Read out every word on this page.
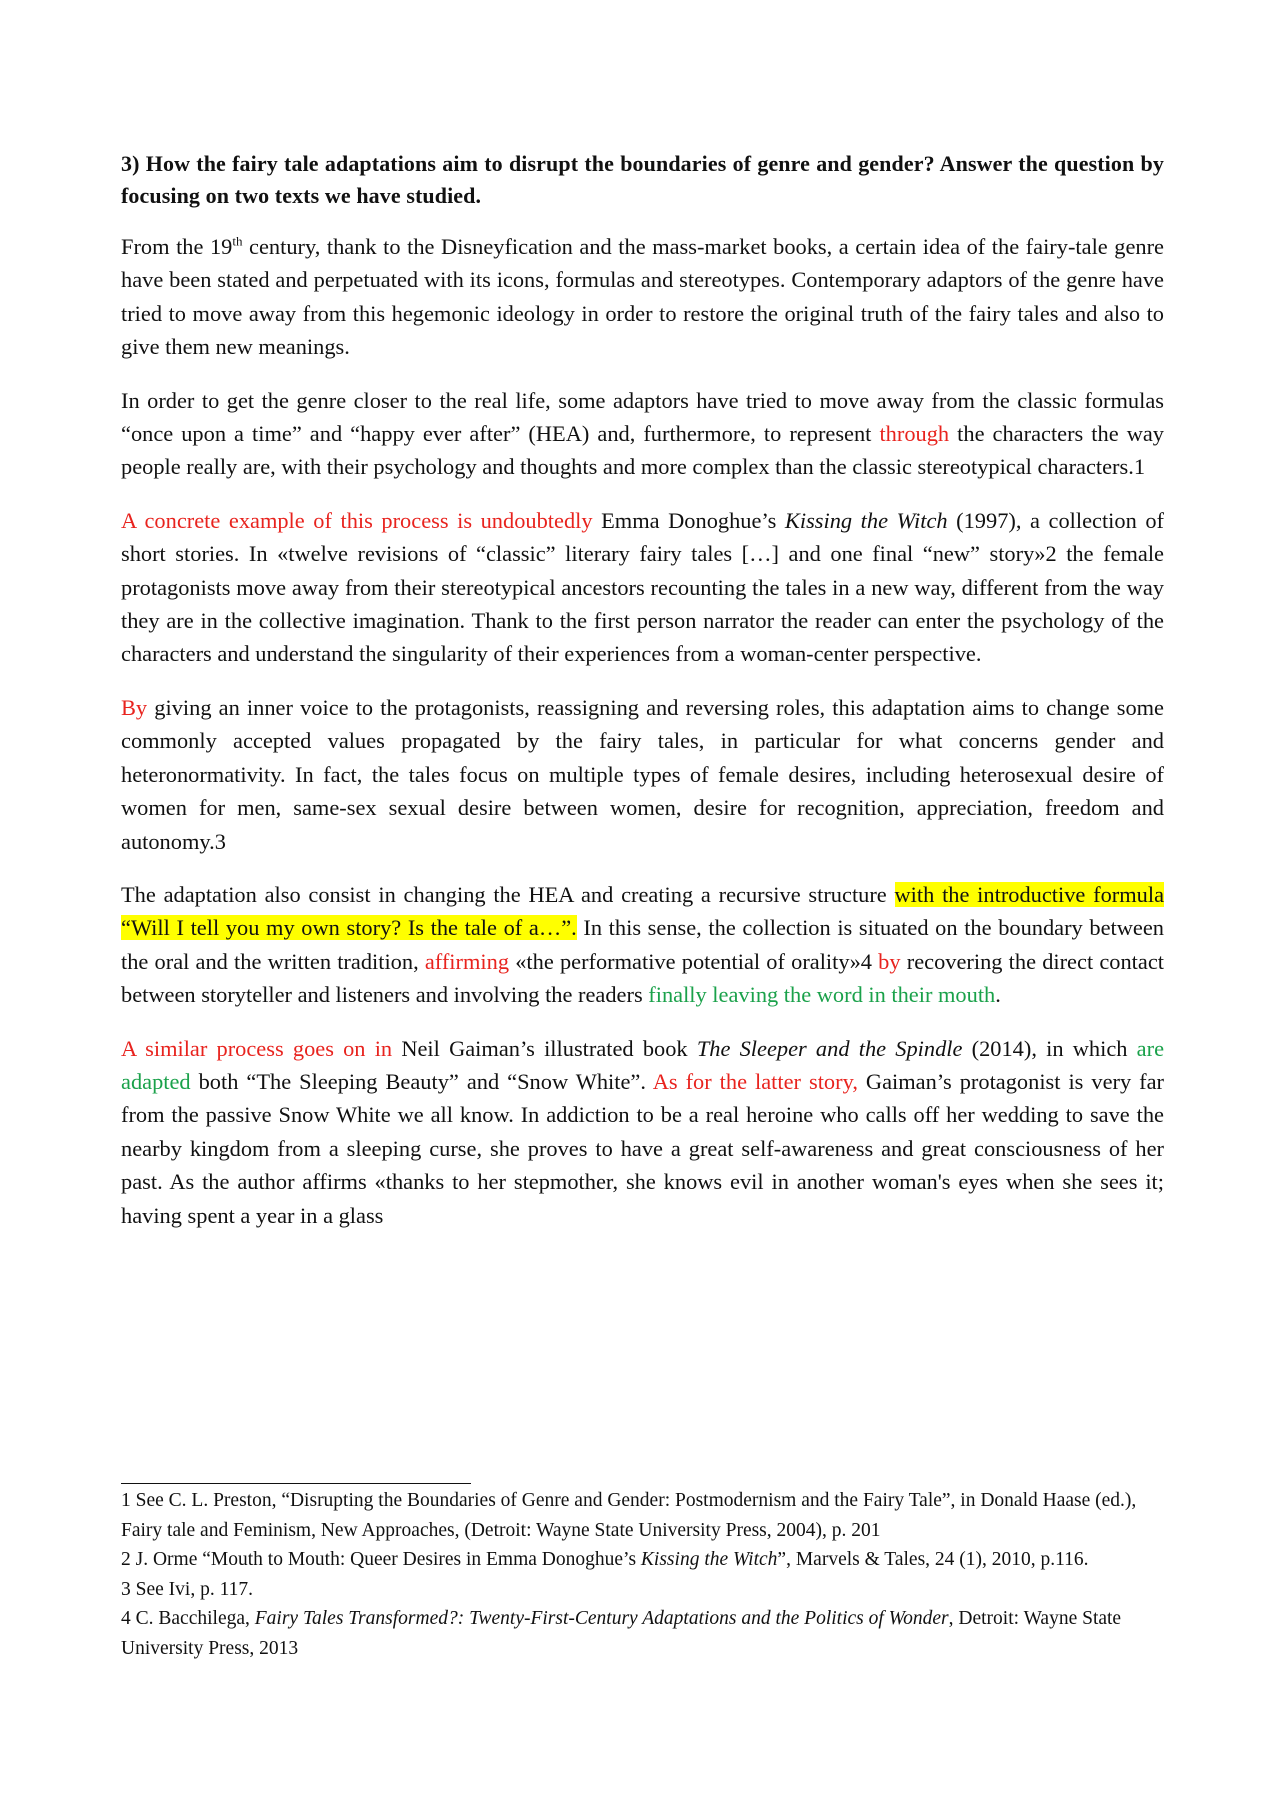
3) How the fairy tale adaptations aim to disrupt the boundaries of genre and gender? Answer the question by focusing on two texts we have studied.

From the 19th century, thank to the Disneyfication and the mass-market books, a certain idea of the fairy-tale genre have been stated and perpetuated with its icons, formulas and stereotypes. Contemporary adaptors of the genre have tried to move away from this hegemonic ideology in order to restore the original truth of the fairy tales and also to give them new meanings.

In order to get the genre closer to the real life, some adaptors have tried to move away from the classic formulas “once upon a time” and “happy ever after” (HEA) and, furthermore, to represent through the characters the way people really are, with their psychology and thoughts and more complex than the classic stereotypical characters.1

A concrete example of this process is undoubtedly Emma Donoghue’s Kissing the Witch (1997), a collection of short stories. In «twelve revisions of “classic” literary fairy tales […] and one final “new” story»2 the female protagonists move away from their stereotypical ancestors recounting the tales in a new way, different from the way they are in the collective imagination. Thank to the first person narrator the reader can enter the psychology of the characters and understand the singularity of their experiences from a woman-center perspective.

By giving an inner voice to the protagonists, reassigning and reversing roles, this adaptation aims to change some commonly accepted values propagated by the fairy tales, in particular for what concerns gender and heteronormativity. In fact, the tales focus on multiple types of female desires, including heterosexual desire of women for men, same-sex sexual desire between women, desire for recognition, appreciation, freedom and autonomy.3

The adaptation also consist in changing the HEA and creating a recursive structure with the introductive formula “Will I tell you my own story? Is the tale of a…”. In this sense, the collection is situated on the boundary between the oral and the written tradition, affirming «the performative potential of orality»4 by recovering the direct contact between storyteller and listeners and involving the readers finally leaving the word in their mouth.

A similar process goes on in Neil Gaiman’s illustrated book The Sleeper and the Spindle (2014), in which are adapted both “The Sleeping Beauty” and “Snow White”. As for the latter story, Gaiman’s protagonist is very far from the passive Snow White we all know. In addiction to be a real heroine who calls off her wedding to save the nearby kingdom from a sleeping curse, she proves to have a great self-awareness and great consciousness of her past. As the author affirms «thanks to her stepmother, she knows evil in another woman's eyes when she sees it; having spent a year in a glass

1 See C. L. Preston, “Disrupting the Boundaries of Genre and Gender: Postmodernism and the Fairy Tale”, in Donald Haase (ed.), Fairy tale and Feminism, New Approaches, (Detroit: Wayne State University Press, 2004), p. 201

2 J. Orme “Mouth to Mouth: Queer Desires in Emma Donoghue’s Kissing the Witch”, Marvels & Tales, 24 (1), 2010, p.116.

3 See Ivi, p. 117.

4 C. Bacchilega, Fairy Tales Transformed?: Twenty-First-Century Adaptations and the Politics of Wonder, Detroit: Wayne State University Press, 2013
